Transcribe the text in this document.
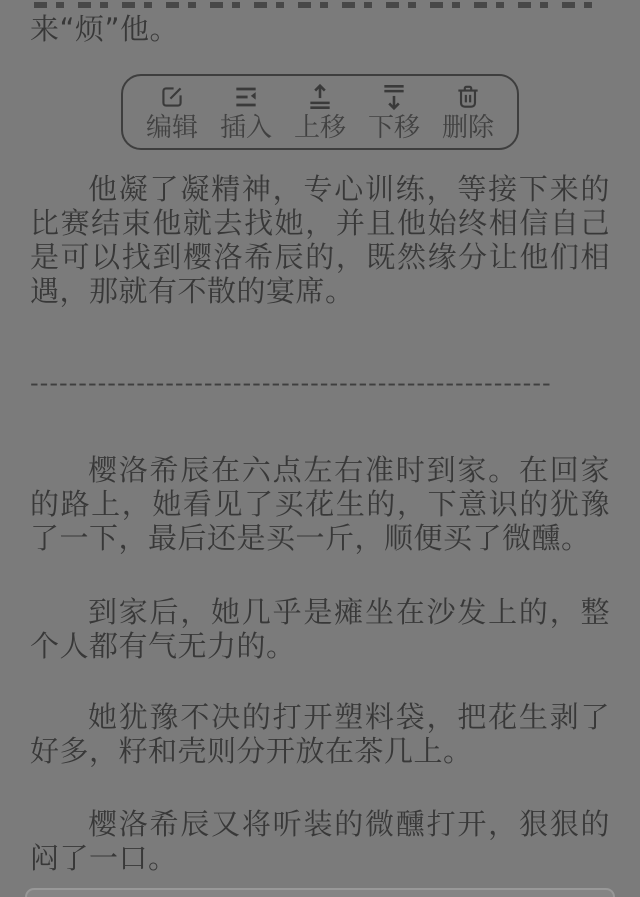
来“烦”他。
编辑 插入 上移 下移 删除
他凝了凝精神，专心训练，等接下来的比赛结束他就去找她，并且他始终相信自己是可以找到樱洛希辰的，既然缘分让他们相遇，那就有不散的宴席。
------------------------------------------------------
樱洛希辰在六点左右准时到家。在回家的路上，她看见了买花生的，下意识的犹豫了一下，最后还是买一斤，顺便买了微醺。
到家后，她几乎是瘫坐在沙发上的，整个人都有气无力的。
她犹豫不决的打开塑料袋，把花生剥了好多，籽和壳则分开放在茶几上。
樱洛希辰又将听装的微醺打开，狠狠的闷了一口。
